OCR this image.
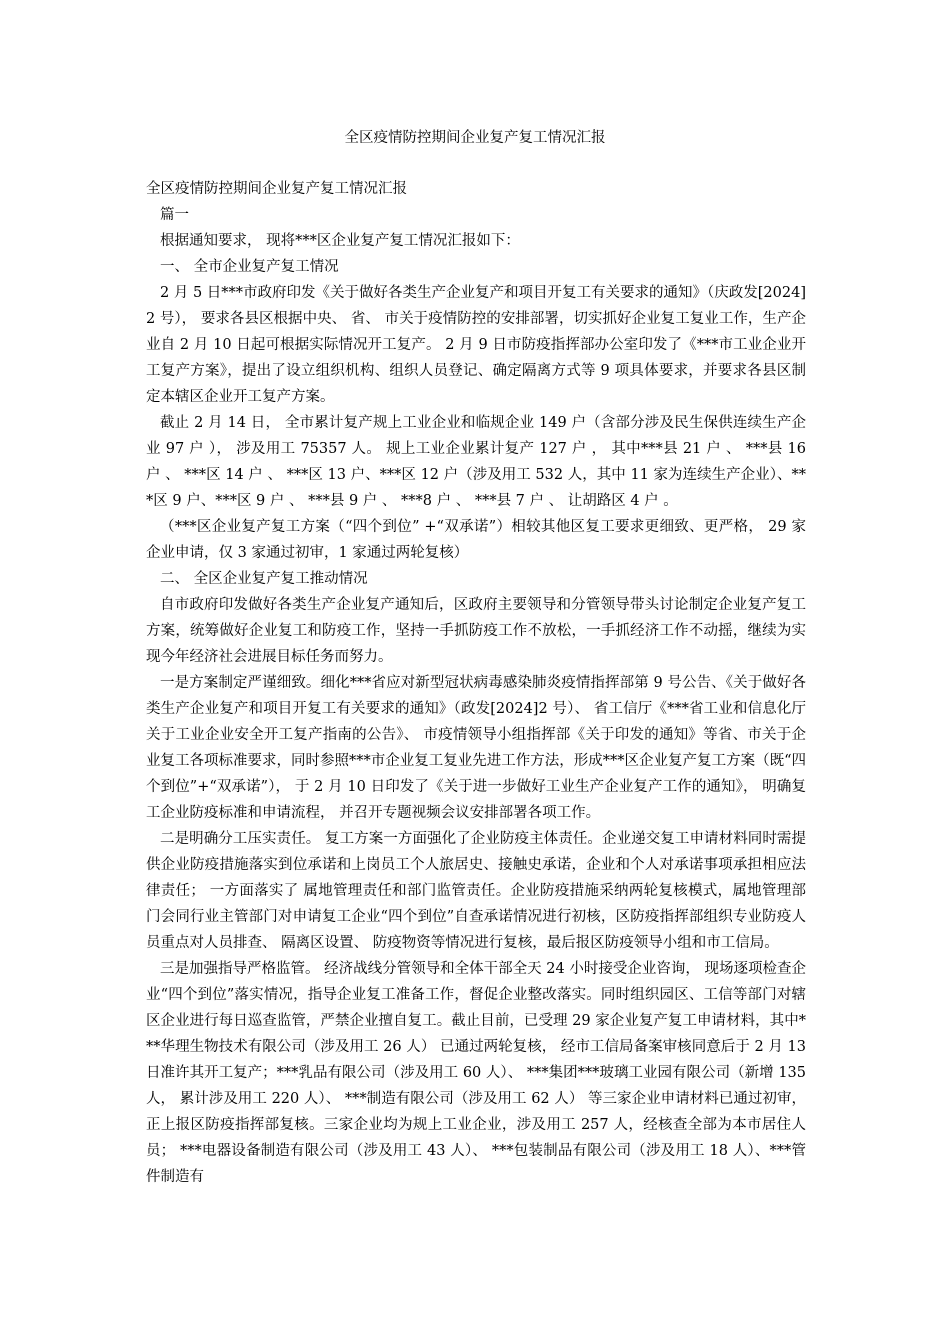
全区疫情防控期间企业复产复工情况汇报

全区疫情防控期间企业复产复工情况汇报

篇一

根据通知要求， 现将***区企业复产复工情况汇报如下：

一、 全市企业复产复工情况

2 月 5 日***市政府印发《关于做好各类生产企业复产和项目开复工有关要求的通知》（庆政发[2024] 2 号）， 要求各县区根据中央、 省、 市关于疫情防控的安排部署，切实抓好企业复工复业工作，生产企业自 2 月 10 日起可根据实际情况开工复产。 2 月 9 日市防疫指挥部办公室印发了《***市工业企业开工复产方案》，提出了设立组织机构、组织人员登记、确定隔离方式等 9 项具体要求，并要求各县区制定本辖区企业开工复产方案。

截止 2 月 14 日， 全市累计复产规上工业企业和临规企业 149 户（含部分涉及民生保供连续生产企业 97 户 ）， 涉及用工 75357 人。 规上工业企业累计复产 127 户 ， 其中***县 21 户 、 ***县 16 户 、 ***区 14 户 、 ***区 13 户、***区 12 户（涉及用工 532 人，其中 11 家为连续生产企业）、***区 9 户、***区 9 户 、 ***县 9 户 、 ***8 户 、 ***县 7 户 、 让胡路区 4 户 。

（***区企业复产复工方案（“四个到位” +“双承诺”）相较其他区复工要求更细致、更严格， 29 家企业申请，仅 3 家通过初审，1 家通过两轮复核）

二、 全区企业复产复工推动情况

自市政府印发做好各类生产企业复产通知后，区政府主要领导和分管领导带头讨论制定企业复产复工方案，统筹做好企业复工和防疫工作，坚持一手抓防疫工作不放松，一手抓经济工作不动摇，继续为实现今年经济社会进展目标任务而努力。

一是方案制定严谨细致。细化***省应对新型冠状病毒感染肺炎疫情指挥部第 9 号公告、《关于做好各类生产企业复产和项目开复工有关要求的通知》（政发[2024]2 号）、 省工信厅《***省工业和信息化厅关于工业企业安全开工复产指南的公告》、 市疫情领导小组指挥部《关于印发的通知》等省、市关于企业复工各项标准要求，同时参照***市企业复工复业先进工作方法，形成***区企业复产复工方案（既“四个到位”+“双承诺”）， 于 2 月 10 日印发了《关于进一步做好工业生产企业复产工作的通知》， 明确复工企业防疫标准和申请流程， 并召开专题视频会议安排部署各项工作。

二是明确分工压实责任。 复工方案一方面强化了企业防疫主体责任。企业递交复工申请材料同时需提供企业防疫措施落实到位承诺和上岗员工个人旅居史、接触史承诺，企业和个人对承诺事项承担相应法律责任； 一方面落实了 属地管理责任和部门监管责任。企业防疫措施采纳两轮复核模式，属地管理部门会同行业主管部门对申请复工企业“四个到位”自查承诺情况进行初核，区防疫指挥部组织专业防疫人员重点对人员排查、 隔离区设置、 防疫物资等情况进行复核，最后报区防疫领导小组和市工信局。

三是加强指导严格监管。 经济战线分管领导和全体干部全天 24 小时接受企业咨询， 现场逐项检查企业“四个到位”落实情况，指导企业复工准备工作，督促企业整改落实。同时组织园区、工信等部门对辖区企业进行每日巡查监管，严禁企业擅自复工。截止目前，已受理 29 家企业复产复工申请材料，其中***华理生物技术有限公司（涉及用工 26 人） 已通过两轮复核， 经市工信局备案审核同意后于 2 月 13 日准许其开工复产；***乳品有限公司（涉及用工 60 人）、 ***集团***玻璃工业园有限公司（新增 135 人， 累计涉及用工 220 人）、 ***制造有限公司（涉及用工 62 人） 等三家企业申请材料已通过初审，正上报区防疫指挥部复核。三家企业均为规上工业企业，涉及用工 257 人，经核查全部为本市居住人员； ***电器设备制造有限公司（涉及用工 43 人）、 ***包装制品有限公司（涉及用工 18 人）、***管件制造有
